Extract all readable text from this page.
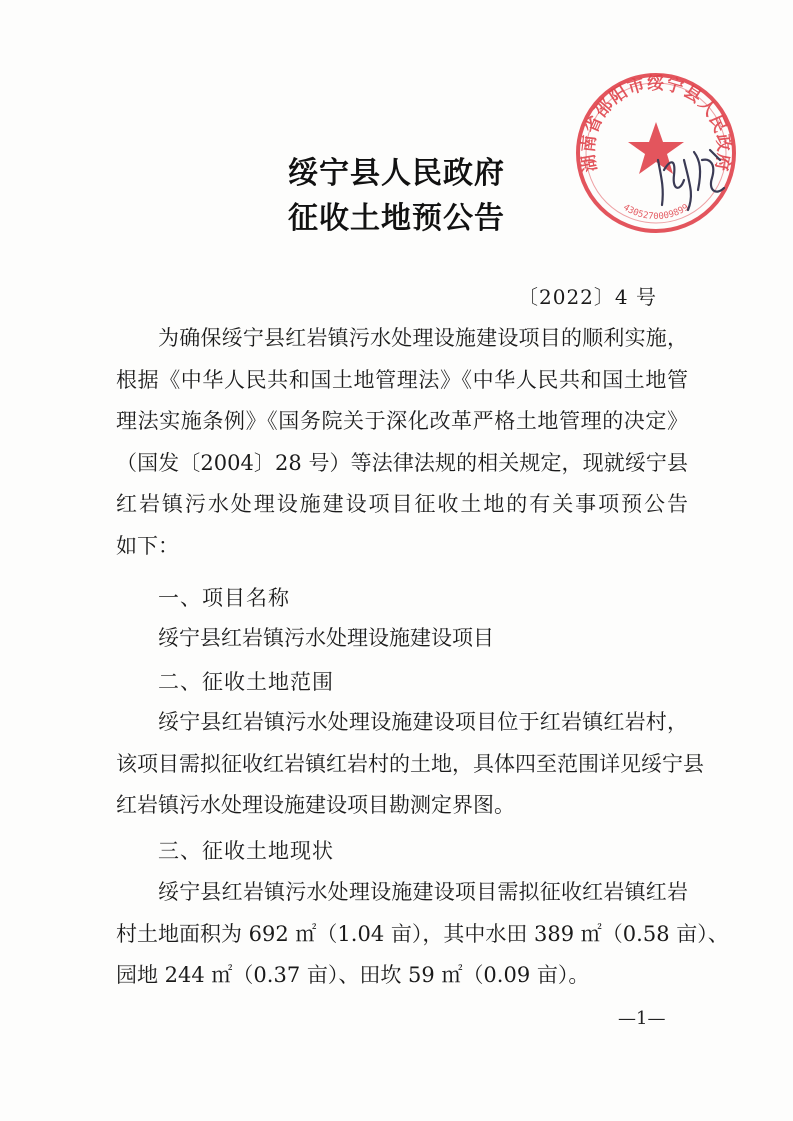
湖南省邵阳市绥宁县人民政府
4305270009899
绥宁县人民政府
征收土地预公告
〔2022〕4 号
为确保绥宁县红岩镇污水处理设施建设项目的顺利实施，
根据《中华人民共和国土地管理法》《中华人民共和国土地管
理法实施条例》《国务院关于深化改革严格土地管理的决定》
（国发〔2004〕28 号）等法律法规的相关规定，现就绥宁县
红岩镇污水处理设施建设项目征收土地的有关事项预公告
如下：
一、项目名称
绥宁县红岩镇污水处理设施建设项目
二、征收土地范围
绥宁县红岩镇污水处理设施建设项目位于红岩镇红岩村，
该项目需拟征收红岩镇红岩村的土地，具体四至范围详见绥宁县
红岩镇污水处理设施建设项目勘测定界图。
三、征收土地现状
绥宁县红岩镇污水处理设施建设项目需拟征收红岩镇红岩
村土地面积为 692 ㎡（1.04 亩），其中水田 389 ㎡（0.58 亩）、
园地 244 ㎡（0.37 亩）、田坎 59 ㎡（0.09 亩）。
—1—
